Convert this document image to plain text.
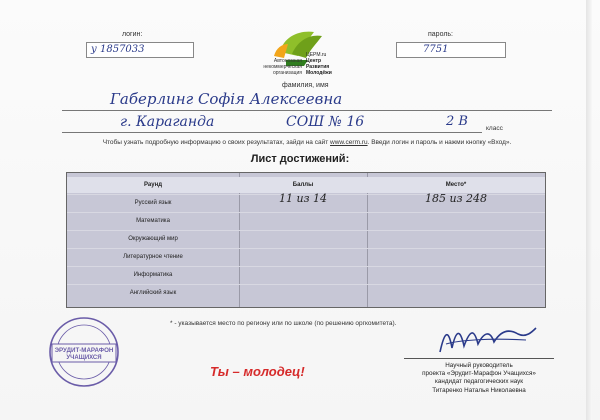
логин:
у 1857033
пароль:
7751
Автономная
некоммерческая
организация
ЦЕРМ.ru
Центр
Развития
Молодёжи
фамилия, имя
Габерлинг Софія Алексеевна
г. Караганда	СОШ № 16	2 В	класс
Чтобы узнать подробную информацию о своих результатах, зайди на сайт www.cerm.ru. Введи логин и пароль и нажми кнопку «Вход».
Лист достижений:
Раунд	Баллы	Место*
Русский язык	11 из 14	185 из 248
Математика
Окружающий мир
Литературное чтение
Информатика
Английский язык
* - указывается место по региону или по школе (по решению оргкомитета).
ЭРУДИТ-МАРАФОН
УЧАЩИХСЯ
Ты – молодец!	Научный руководитель
проекта «Эрудит-Марафон Учащихся»
кандидат педагогических наук
Титаренко Наталья Николаевна
